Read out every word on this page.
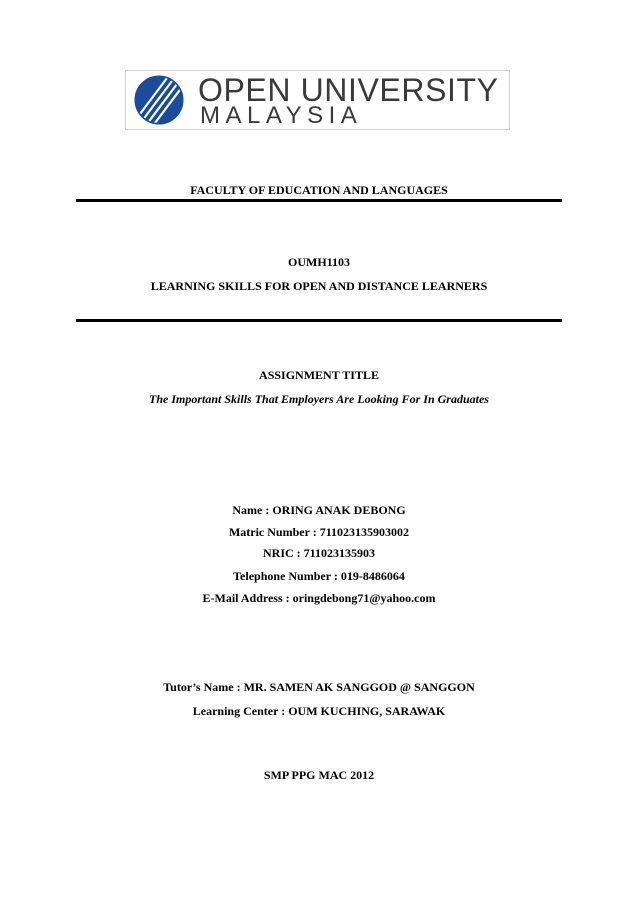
OPEN UNIVERSITY
MALAYSIA
FACULTY OF EDUCATION AND LANGUAGES
OUMH1103
LEARNING SKILLS FOR OPEN AND DISTANCE LEARNERS
ASSIGNMENT TITLE
The Important Skills That Employers Are Looking For In Graduates
Name : ORING ANAK DEBONG
Matric Number : 711023135903002
NRIC : 711023135903
Telephone Number : 019-8486064
E-Mail Address : oringdebong71@yahoo.com
Tutor’s Name : MR. SAMEN AK SANGGOD @ SANGGON
Learning Center : OUM KUCHING, SARAWAK
SMP PPG MAC 2012
